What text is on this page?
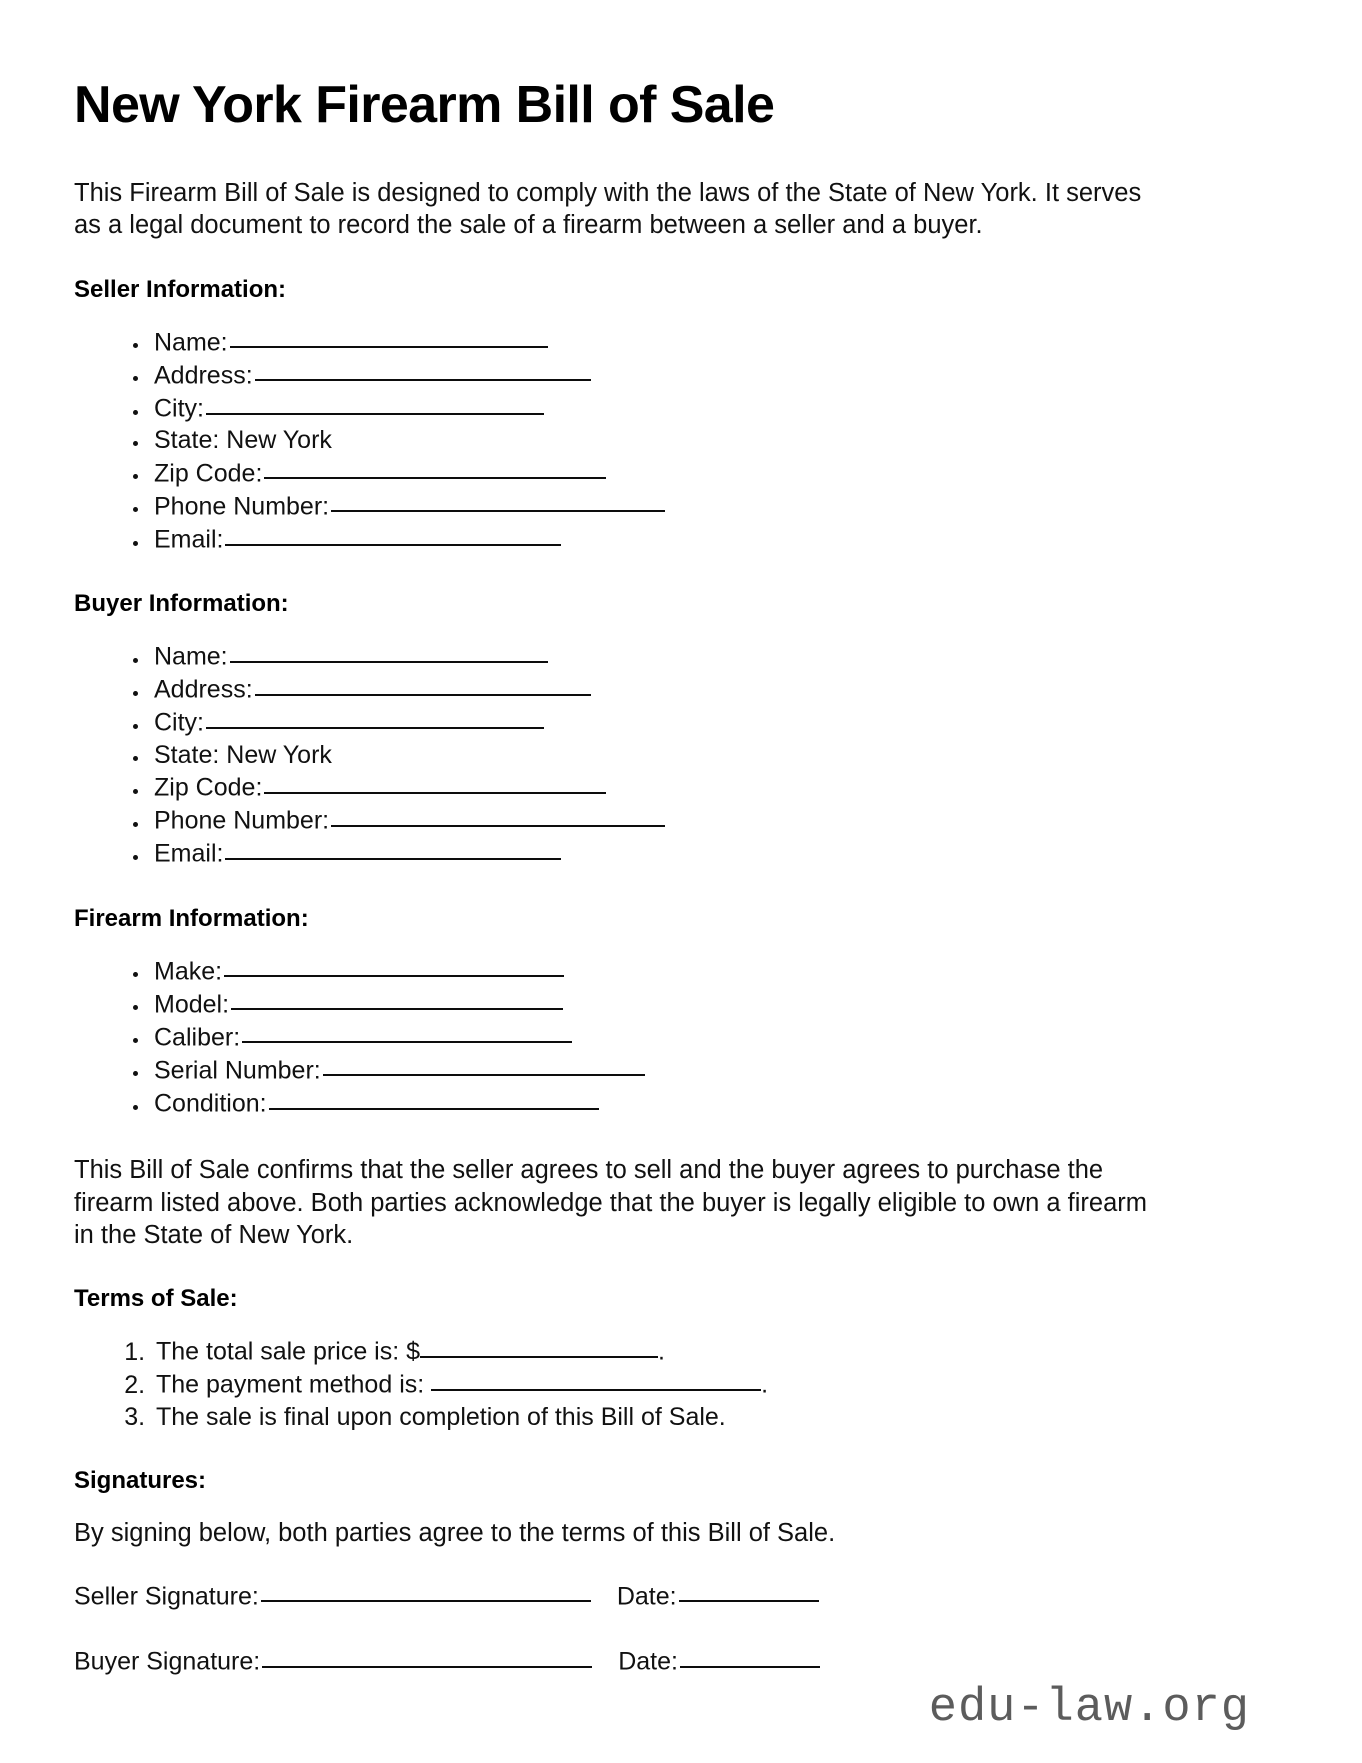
New York Firearm Bill of Sale

This Firearm Bill of Sale is designed to comply with the laws of the State of New York. It serves as a legal document to record the sale of a firearm between a seller and a buyer.

Seller Information:
• Name:
• Address:
• City:
• State: New York
• Zip Code:
• Phone Number:
• Email:
Buyer Information:
• Name:
• Address:
• City:
• State: New York
• Zip Code:
• Phone Number:
• Email:
Firearm Information:
• Make:
• Model:
• Caliber:
• Serial Number:
• Condition:

This Bill of Sale confirms that the seller agrees to sell and the buyer agrees to purchase the firearm listed above. Both parties acknowledge that the buyer is legally eligible to own a firearm in the State of New York.

Terms of Sale:
1. The total sale price is: $	.
2. The payment method is:	.
3. The sale is final upon completion of this Bill of Sale.
Signatures:

By signing below, both parties agree to the terms of this Bill of Sale.

Seller Signature:	Date:
Buyer Signature:	Date:
edu-law.org
